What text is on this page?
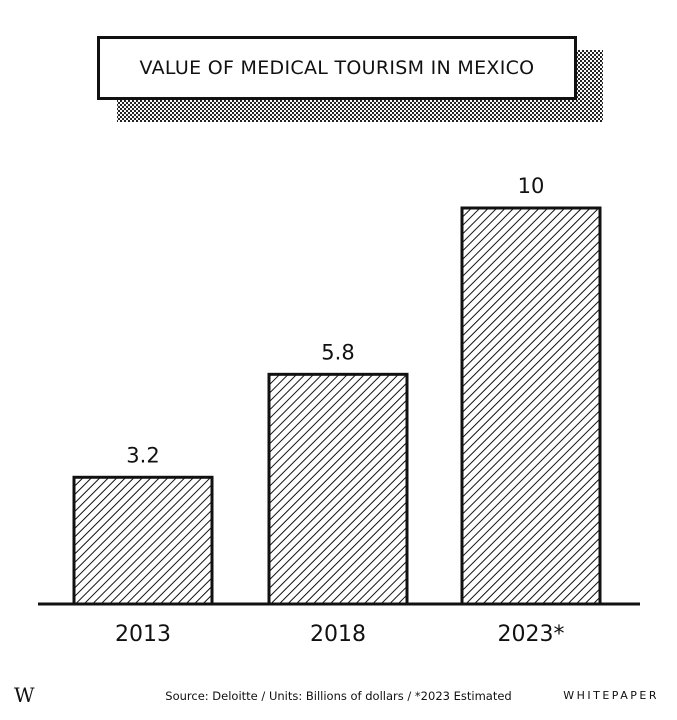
3.2
2013
5.8
2018
10
2023*
VALUE OF MEDICAL TOURISM IN MEXICO
W	Source: Deloitte / Units: Billions of dollars / *2023 Estimated	WHITEPAPER
